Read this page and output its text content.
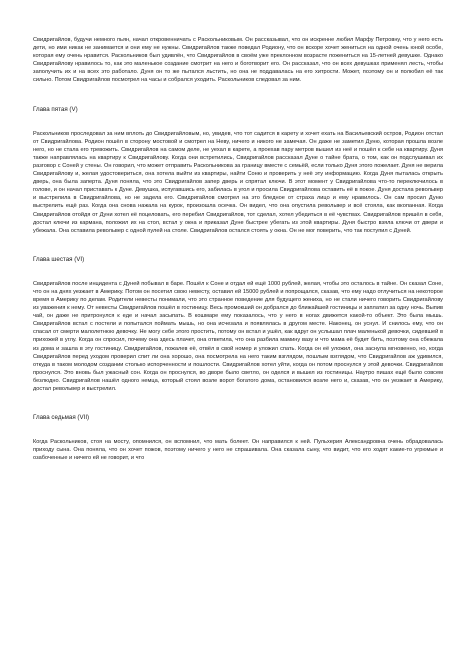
Свидригайлов, будучи немного пьян, начал откровенничать с Раскольниковым. Он рассказывал, что он искренне любил Марфу Петровну, что у него есть дети, но ими никак не занимается и они ему не нужны. Свидригайлов также поведал Родиону, что он вскоре хочет жениться на одной очень юной особе, которая ему очень нравится. Раскольников был удивлён, что Свидригайлов в своём уже преклонном возрасте пожениться на 15-летней девушке. Однако Свидригайлову нравилось то, как это маленькое создание смотрит на него и боготворит его. Он рассказал, что он всех девушках применял лесть, чтобы заполучить их и на всех это работало. Дуня он то же пытался льстить, но она не поддавалась на его хитрости. Может, поэтому он и полюбил её так сильно. Потом Свидригайлов посмотрел на часы и собрался уходить. Раскольников следовал за ним.

Глава пятая (V)

Раскольников проследовал за ним вплоть до Свидригайловым, но, увидев, что тот садится в карету и хочет ехать на Васильевский остров, Родион отстал от Свидригайлова. Родион пошёл в сторону мостовой и смотрел на Неву, ничего и никого не замечая. Он даже не заметил Дуню, которая прошла возле него, но не стала его тревожить. Свидригайлов на самом деле, не уехал в карете, а проехав пару метров вышел из неё и пошёл к себе на квартиру. Дуня также направлялась на квартиру к Свидригайлову. Когда они встретились, Свидригайлов рассказал Дуне о тайне брата, о том, как он подслушивал их разговор с Соней у стены. Он говорил, что может отправить Раскольникова за границу вместе с семьёй, если только Дуня этого пожелает. Дуня не верила Свидригайлову и, желая удостовериться, она хотела выйти из квартиры, найти Соню и проверить у неё эту информацию. Когда Дуня пыталась открыть дверь, она была заперта. Дуня поняла, что это Свидригайлов запер дверь и спрятал ключи. В этот момент у Свидригайлова что-то переключилось в голове, и он начал приставать к Дуне. Девушка, испугавшись его, забилась в угол и просила Свидригайлова оставить её в покое. Дуня достала револьвер и выстрелила в Свидригайлова, но не задела его. Свидригайлов смотрел на это бледное от страха лицо и ему нравилось. Он сам просил Дуню выстрелить ещё раз. Когда она снова нажала на курок, произошла осечка. Он видел, что она опустила револьвер и всё стояла, как вкопанная. Когда Свидригайлов отойдя от Дуни хотел её поцеловать, его перебил Свидригайлов, тот сделал, хотел убедиться в её чувствах. Свидригайлов пришёл в себя, достал ключи из кармана, положил их на стол, встал у окна и приказал Дуне быстрее убегать из этой квартиры. Дуня быстро взяла ключи от двери и убежала. Она оставила револьвер с одной пулей на столе. Свидригайлов остался стоять у окна. Он не мог поверить, что так поступил с Дуней.

Глава шестая (VI)

Свидригайлов после инцидента с Дуней побывал в баре. Пошёл к Соне и отдал ей ещё 1000 рублей, желая, чтобы это осталось в тайне. Он сказал Соне, что он на днях уезжает в Америку. Потом он посетил свою невесту, оставил ей 15000 рублей и попрощался, сказав, что ему надо отлучиться на некоторое время в Америку по делам. Родители невесты понимали, что это странное поведение для будущего жениха, но не стали ничего говорить Свидригайлову из уважения к нему. От невесты Свидригайлов пошёл в гостиницу. Весь промокший он добрался до ближайшей гостиницы и заплатил за одну ночь. Выпив чай, он даже не притронулся к еде и начал засыпать. В кошмаре ему показалось, что у него в ногах движется какой-то объект. Это была мышь. Свидригайлов встал с постели и попытался поймать мышь, но она исчезала и появлялась в другом месте. Наконец, он уснул. И снилось ему, что он спасал от смерти малолетнюю девочку. Не могу себе этого простить, потому он встал и ушёл, как вдруг он услышал плач маленькой девочки, сидевшей в прихожей в углу. Когда он спросил, почему она здесь плачет, она ответила, что она разбила мамину вазу и что мама её будет бить, поэтому она сбежала из дома и зашла в эту гостиницу. Свидригайлов, пожалев её, отвёл в свой номер и уложил спать. Когда он её уложил, она заснула мгновенно, но, когда Свидригайлов перед уходом проверил спит ли она хорошо, она посмотрела на него таким взглядом, пошлым взглядом, что Свидригайлов аж удивился, откуда в таком молодом создании столько испорченности и пошлости. Свидригайлов хотел уйти, когда он потом проснулся у этой девочки. Свидригайлов проснулся. Это вновь был ужасный сон. Когда он проснулся, во дворе было светло, он оделся и вышел из гостиницы. Наутро пишах ещё было совсем безлюдно. Свидригайлов нашёл одного немца, который стоял возле ворот богатого дома, остановился возле него и, сказав, что он уезжает в Америку, достал револьвер и выстрелил.

Глава седьмая (VII)

Когда Раскольников, стоя на мосту, опомнился, он вспомнил, что мать болеет. Он направился к ней. Пульхерия Александровна очень обрадовалась приходу сына. Она поняла, что он хочет пожов, поэтому ничего у него не спрашивала. Она сказала сыну, что видит, что его ходят какие-то угрюмые и озабоченные и ничего ей не говорит, и что
